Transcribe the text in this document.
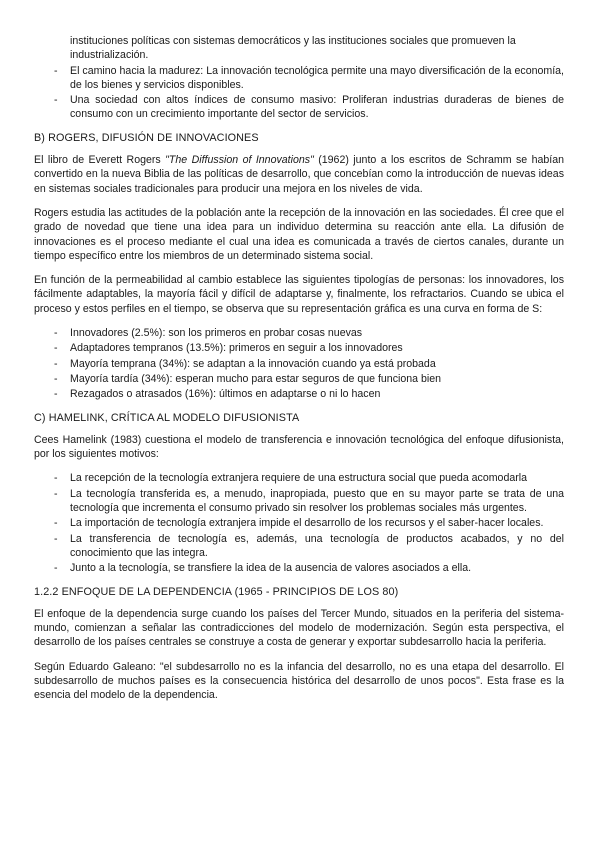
instituciones políticas con sistemas democráticos y las instituciones sociales que promueven la industrialización.
- El camino hacia la madurez: La innovación tecnológica permite una mayo diversificación de la economía, de los bienes y servicios disponibles.
- Una sociedad con altos índices de consumo masivo: Proliferan industrias duraderas de bienes de consumo con un crecimiento importante del sector de servicios.
B) ROGERS, DIFUSIÓN DE INNOVACIONES

El libro de Everett Rogers "The Diffussion of Innovations" (1962) junto a los escritos de Schramm se habían convertido en la nueva Biblia de las políticas de desarrollo, que concebían como la introducción de nuevas ideas en sistemas sociales tradicionales para producir una mejora en los niveles de vida.

Rogers estudia las actitudes de la población ante la recepción de la innovación en las sociedades. Él cree que el grado de novedad que tiene una idea para un individuo determina su reacción ante ella. La difusión de innovaciones es el proceso mediante el cual una idea es comunicada a través de ciertos canales, durante un tiempo específico entre los miembros de un determinado sistema social.

En función de la permeabilidad al cambio establece las siguientes tipologías de personas: los innovadores, los fácilmente adaptables, la mayoría fácil y difícil de adaptarse y, finalmente, los refractarios. Cuando se ubica el proceso y estos perfiles en el tiempo, se observa que su representación gráfica es una curva en forma de S:

- Innovadores (2.5%): son los primeros en probar cosas nuevas
- Adaptadores tempranos (13.5%): primeros en seguir a los innovadores
- Mayoría temprana (34%): se adaptan a la innovación cuando ya está probada
- Mayoría tardía (34%): esperan mucho para estar seguros de que funciona bien
- Rezagados o atrasados (16%): últimos en adaptarse o ni lo hacen
C) HAMELINK, CRÍTICA AL MODELO DIFUSIONISTA

Cees Hamelink (1983) cuestiona el modelo de transferencia e innovación tecnológica del enfoque difusionista, por los siguientes motivos:

- La recepción de la tecnología extranjera requiere de una estructura social que pueda acomodarla
- La tecnología transferida es, a menudo, inapropiada, puesto que en su mayor parte se trata de una tecnología que incrementa el consumo privado sin resolver los problemas sociales más urgentes.
- La importación de tecnología extranjera impide el desarrollo de los recursos y el saber-hacer locales.
- La transferencia de tecnología es, además, una tecnología de productos acabados, y no del conocimiento que las integra.
- Junto a la tecnología, se transfiere la idea de la ausencia de valores asociados a ella.
1.2.2 ENFOQUE DE LA DEPENDENCIA (1965 - PRINCIPIOS DE LOS 80)

El enfoque de la dependencia surge cuando los países del Tercer Mundo, situados en la periferia del sistema-mundo, comienzan a señalar las contradicciones del modelo de modernización. Según esta perspectiva, el desarrollo de los países centrales se construye a costa de generar y exportar subdesarrollo hacia la periferia.

Según Eduardo Galeano: "el subdesarrollo no es la infancia del desarrollo, no es una etapa del desarrollo. El subdesarrollo de muchos países es la consecuencia histórica del desarrollo de unos pocos". Esta frase es la esencia del modelo de la dependencia.
